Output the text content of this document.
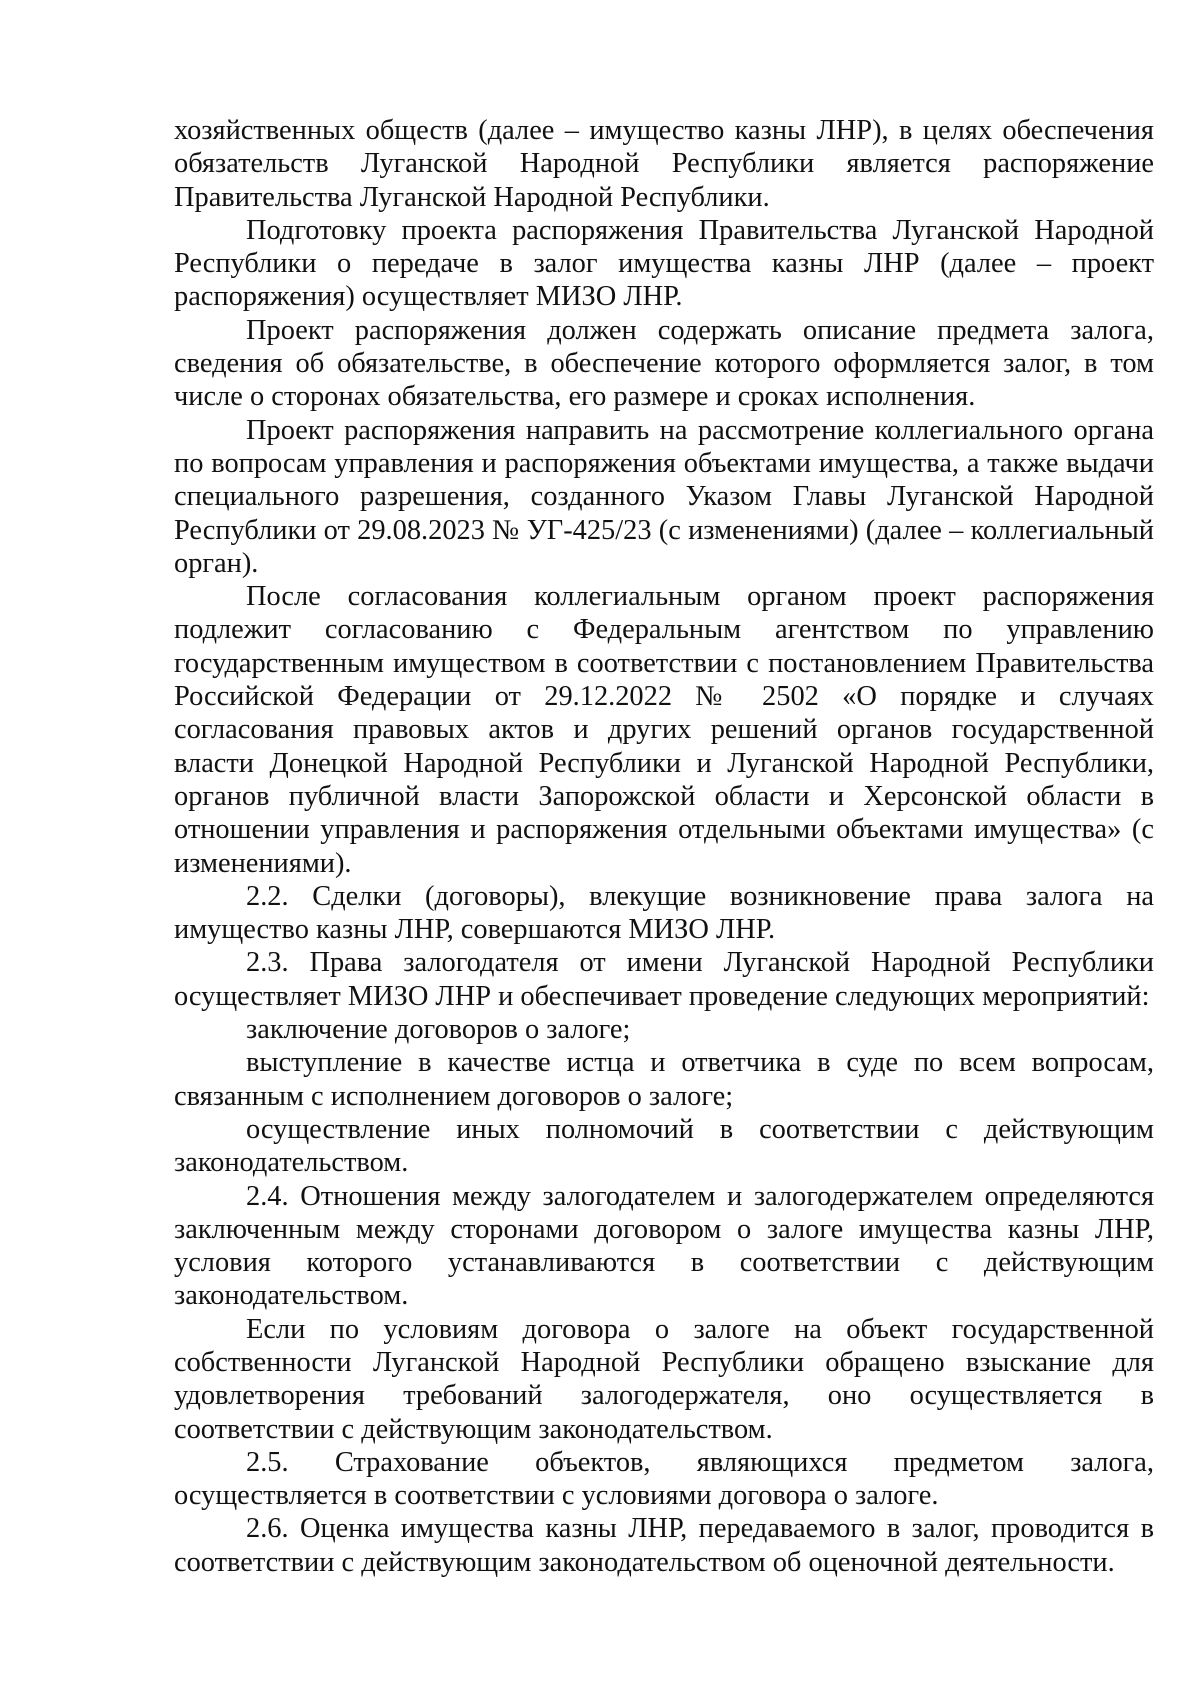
хозяйственных обществ (далее – имущество казны ЛНР), в целях обеспечения обязательств Луганской Народной Республики является распоряжение Правительства Луганской Народной Республики.

Подготовку проекта распоряжения Правительства Луганской Народной Республики о передаче в залог имущества казны ЛНР (далее – проект распоряжения) осуществляет МИЗО ЛНР.

Проект распоряжения должен содержать описание предмета залога, сведения об обязательстве, в обеспечение которого оформляется залог, в том числе о сторонах обязательства, его размере и сроках исполнения.

Проект распоряжения направить на рассмотрение коллегиального органа по вопросам управления и распоряжения объектами имущества, а также выдачи специального разрешения, созданного Указом Главы Луганской Народной Республики от 29.08.2023 № УГ-425/23 (с изменениями) (далее – коллегиальный орган).

После согласования коллегиальным органом проект распоряжения подлежит согласованию с Федеральным агентством по управлению государственным имуществом в соответствии с постановлением Правительства Российской Федерации от 29.12.2022 № 2502 «О порядке и случаях согласования правовых актов и других решений органов государственной власти Донецкой Народной Республики и Луганской Народной Республики, органов публичной власти Запорожской области и Херсонской области в отношении управления и распоряжения отдельными объектами имущества» (с изменениями).

2.2. Сделки (договоры), влекущие возникновение права залога на имущество казны ЛНР, совершаются МИЗО ЛНР.

2.3. Права залогодателя от имени Луганской Народной Республики осуществляет МИЗО ЛНР и обеспечивает проведение следующих мероприятий:

заключение договоров о залоге;

выступление в качестве истца и ответчика в суде по всем вопросам, связанным с исполнением договоров о залоге;

осуществление иных полномочий в соответствии с действующим законодательством.

2.4. Отношения между залогодателем и залогодержателем определяются заключенным между сторонами договором о залоге имущества казны ЛНР, условия которого устанавливаются в соответствии с действующим законодательством.

Если по условиям договора о залоге на объект государственной собственности Луганской Народной Республики обращено взыскание для удовлетворения требований залогодержателя, оно осуществляется в соответствии с действующим законодательством.

2.5. Страхование объектов, являющихся предметом залога, осуществляется в соответствии с условиями договора о залоге.

2.6. Оценка имущества казны ЛНР, передаваемого в залог, проводится в соответствии с действующим законодательством об оценочной деятельности.
